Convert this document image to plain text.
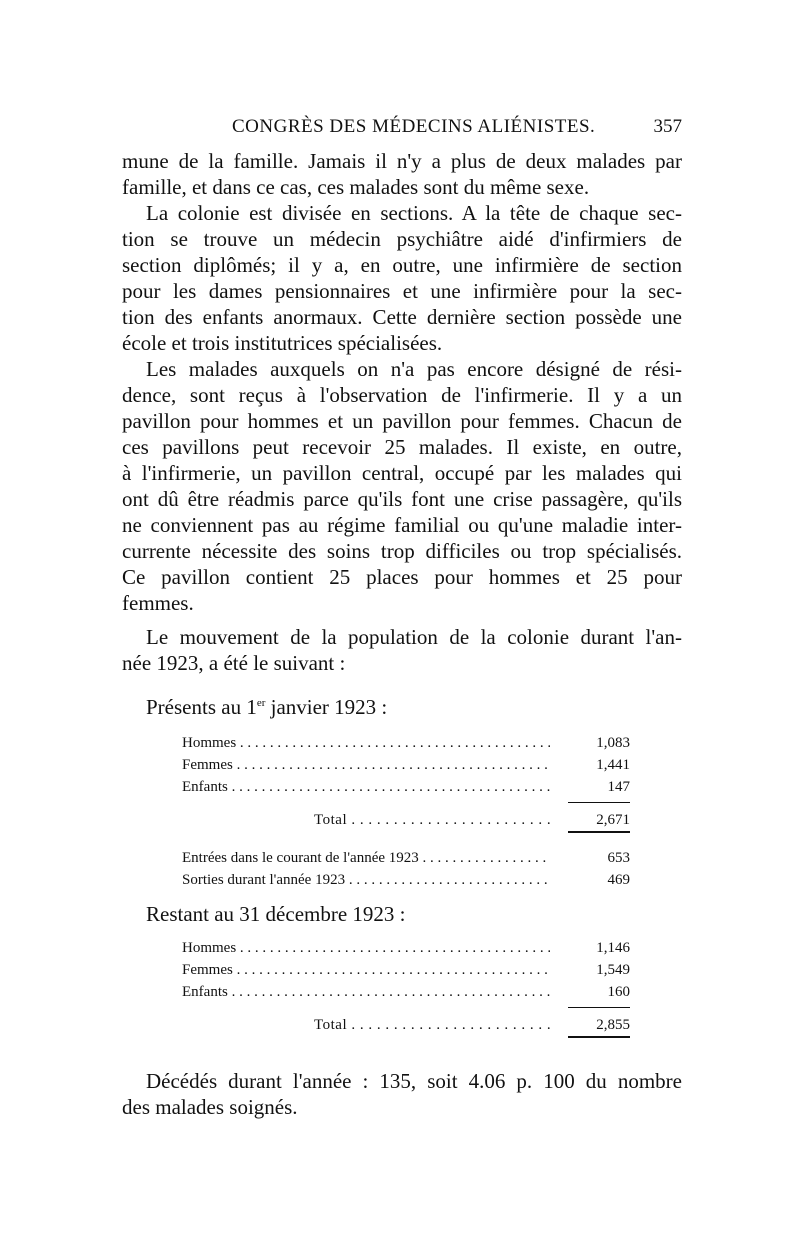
CONGRÈS DES MÉDECINS ALIÉNISTES.	357
mune de la famille. Jamais il n'y a plus de deux malades par
famille, et dans ce cas, ces malades sont du même sexe.
La colonie est divisée en sections. A la tête de chaque sec-
tion se trouve un médecin psychiâtre aidé d'infirmiers de
section diplômés; il y a, en outre, une infirmière de section
pour les dames pensionnaires et une infirmière pour la sec-
tion des enfants anormaux. Cette dernière section possède une
école et trois institutrices spécialisées.
Les malades auxquels on n'a pas encore désigné de rési-
dence, sont reçus à l'observation de l'infirmerie. Il y a un
pavillon pour hommes et un pavillon pour femmes. Chacun de
ces pavillons peut recevoir 25 malades. Il existe, en outre,
à l'infirmerie, un pavillon central, occupé par les malades qui
ont dû être réadmis parce qu'ils font une crise passagère, qu'ils
ne conviennent pas au régime familial ou qu'une maladie inter-
currente nécessite des soins trop difficiles ou trop spécialisés.
Ce pavillon contient 25 places pour hommes et 25 pour
femmes.
Le mouvement de la population de la colonie durant l'an-
née 1923, a été le suivant :
Présents au 1er janvier 1923 :
Hommes . . .	1,083
Femmes . . .	1,441
Enfants . . .	147
Total . . .	2,671
Entrées dans le courant de l'année 1923 . . .	653
Sorties durant l'année 1923 . . .	469
Restant au 31 décembre 1923 :
Hommes . . .	1,146
Femmes . . .	1,549
Enfants . . .	160
Total . . .	2,855
Décédés durant l'année : 135, soit 4.06 p. 100 du nombre
des malades soignés.
